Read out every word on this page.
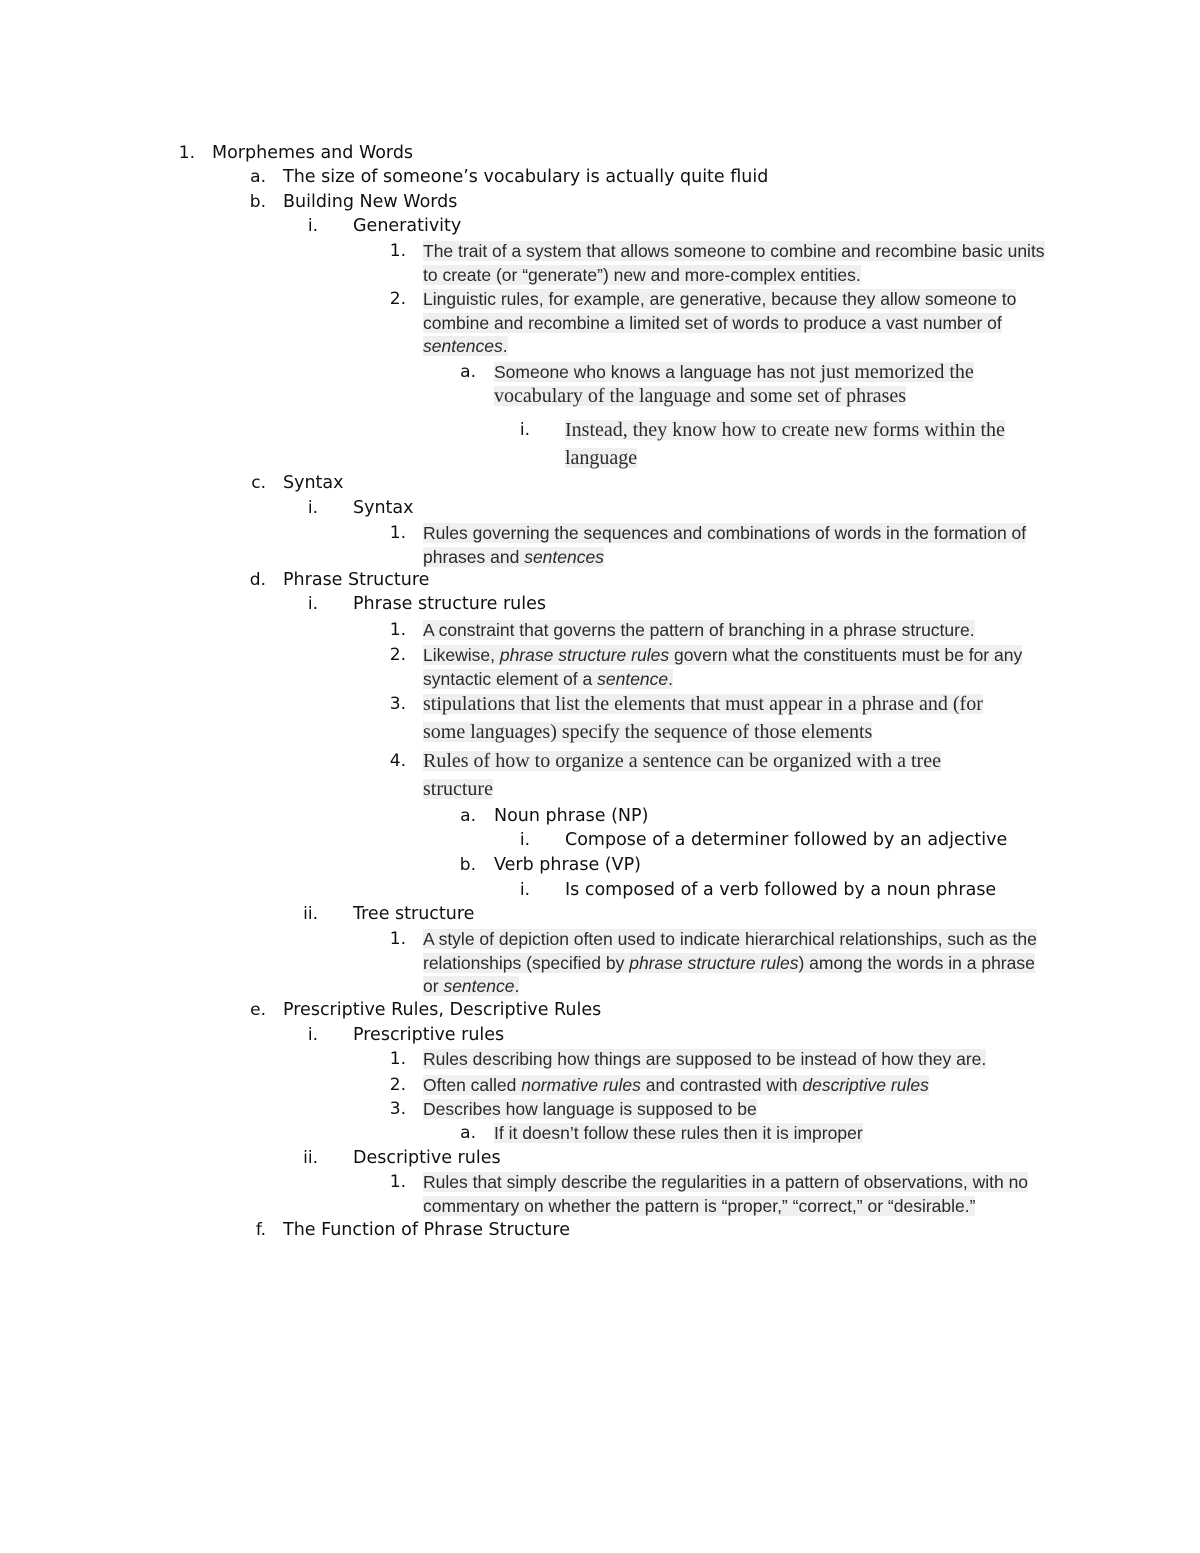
1. Morphemes and Words
a. The size of someone’s vocabulary is actually quite fluid
b. Building New Words
i. Generativity
1. The trait of a system that allows someone to combine and recombine basic units
to create (or “generate”) new and more-complex entities.
2. Linguistic rules, for example, are generative, because they allow someone to
combine and recombine a limited set of words to produce a vast number of
sentences.
a. Someone who knows a language has not just memorized the
vocabulary of the language and some set of phrases
i. Instead, they know how to create new forms within the
language
c. Syntax
i. Syntax
1. Rules governing the sequences and combinations of words in the formation of
phrases and sentences
d. Phrase Structure
i. Phrase structure rules
1. A constraint that governs the pattern of branching in a phrase structure.
2. Likewise, phrase structure rules govern what the constituents must be for any
syntactic element of a sentence.
3. stipulations that list the elements that must appear in a phrase and (for
some languages) specify the sequence of those elements
4. Rules of how to organize a sentence can be organized with a tree
structure
a. Noun phrase (NP)
i. Compose of a determiner followed by an adjective
b. Verb phrase (VP)
i. Is composed of a verb followed by a noun phrase
ii. Tree structure
1. A style of depiction often used to indicate hierarchical relationships, such as the
relationships (specified by phrase structure rules) among the words in a phrase
or sentence.
e. Prescriptive Rules, Descriptive Rules
i. Prescriptive rules
1. Rules describing how things are supposed to be instead of how they are.
2. Often called normative rules and contrasted with descriptive rules
3. Describes how language is supposed to be
a. If it doesn’t follow these rules then it is improper
ii. Descriptive rules
1. Rules that simply describe the regularities in a pattern of observations, with no
commentary on whether the pattern is “proper,” “correct,” or “desirable.”
f. The Function of Phrase Structure
